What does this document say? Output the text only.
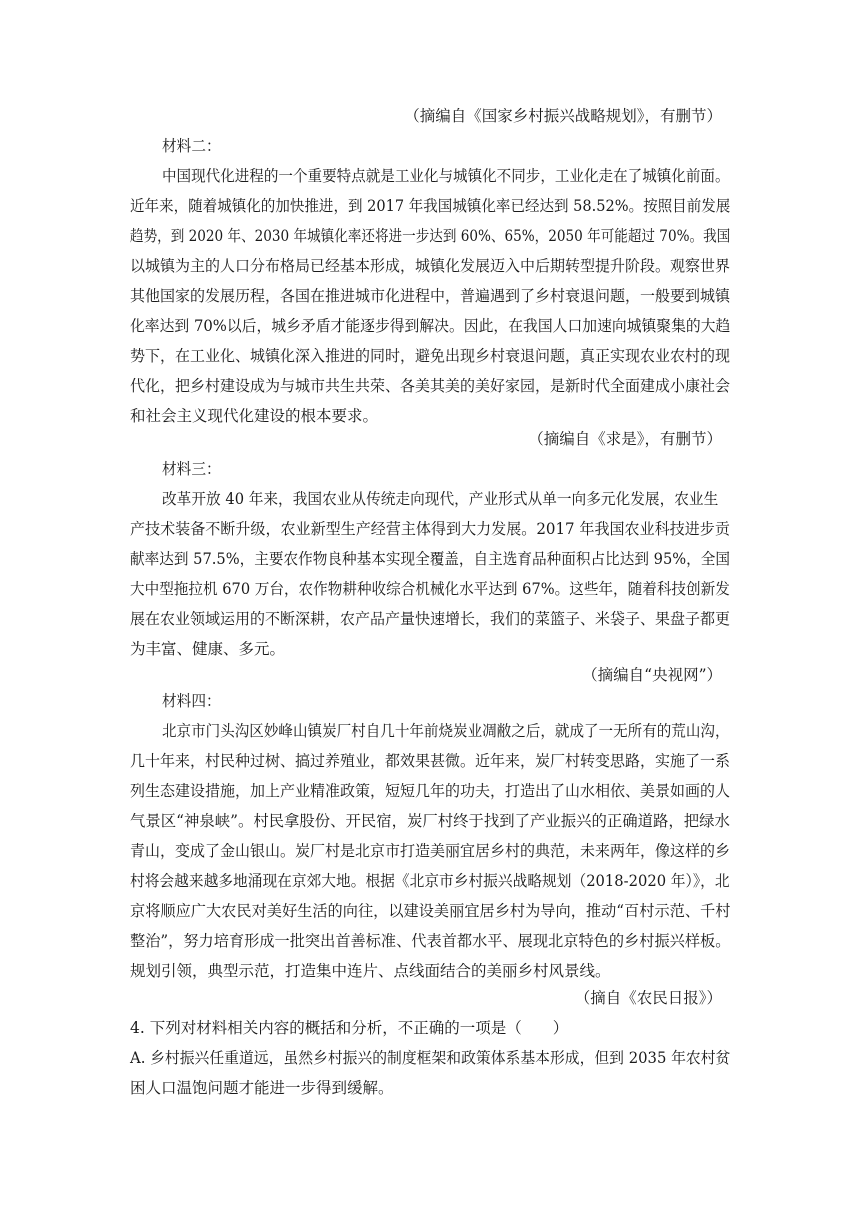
（摘编自《国家乡村振兴战略规划》，有删节）
材料二：
中国现代化进程的一个重要特点就是工业化与城镇化不同步，工业化走在了城镇化前面。
近年来，随着城镇化的加快推进，到 2017 年我国城镇化率已经达到 58.52%。按照目前发展
趋势，到 2020 年、2030 年城镇化率还将进一步达到 60%、65%，2050 年可能超过 70%。我国
以城镇为主的人口分布格局已经基本形成，城镇化发展迈入中后期转型提升阶段。观察世界
其他国家的发展历程，各国在推进城市化进程中，普遍遇到了乡村衰退问题，一般要到城镇
化率达到 70%以后，城乡矛盾才能逐步得到解决。因此，在我国人口加速向城镇聚集的大趋
势下，在工业化、城镇化深入推进的同时，避免出现乡村衰退问题，真正实现农业农村的现
代化，把乡村建设成为与城市共生共荣、各美其美的美好家园，是新时代全面建成小康社会
和社会主义现代化建设的根本要求。
（摘编自《求是》，有删节）
材料三：
改革开放 40 年来，我国农业从传统走向现代，产业形式从单一向多元化发展，农业生
产技术装备不断升级，农业新型生产经营主体得到大力发展。2017 年我国农业科技进步贡
献率达到 57.5%，主要农作物良种基本实现全覆盖，自主选育品种面积占比达到 95%，全国
大中型拖拉机 670 万台，农作物耕种收综合机械化水平达到 67%。这些年，随着科技创新发
展在农业领域运用的不断深耕，农产品产量快速增长，我们的菜篮子、米袋子、果盘子都更
为丰富、健康、多元。
（摘编自“央视网”）
材料四：
北京市门头沟区妙峰山镇炭厂村自几十年前烧炭业凋敝之后，就成了一无所有的荒山沟，
几十年来，村民种过树、搞过养殖业，都效果甚微。近年来，炭厂村转变思路，实施了一系
列生态建设措施，加上产业精准政策，短短几年的功夫，打造出了山水相依、美景如画的人
气景区“神泉峡”。村民拿股份、开民宿，炭厂村终于找到了产业振兴的正确道路，把绿水
青山，变成了金山银山。炭厂村是北京市打造美丽宜居乡村的典范，未来两年，像这样的乡
村将会越来越多地涌现在京郊大地。根据《北京市乡村振兴战略规划（2018-2020 年）》，北
京将顺应广大农民对美好生活的向往，以建设美丽宜居乡村为导向，推动“百村示范、千村
整治”，努力培育形成一批突出首善标准、代表首都水平、展现北京特色的乡村振兴样板。
规划引领，典型示范，打造集中连片、点线面结合的美丽乡村风景线。
（摘自《农民日报》）
4. 下列对材料相关内容的概括和分析，不正确的一项是（　　）
A. 乡村振兴任重道远，虽然乡村振兴的制度框架和政策体系基本形成，但到 2035 年农村贫
困人口温饱问题才能进一步得到缓解。
